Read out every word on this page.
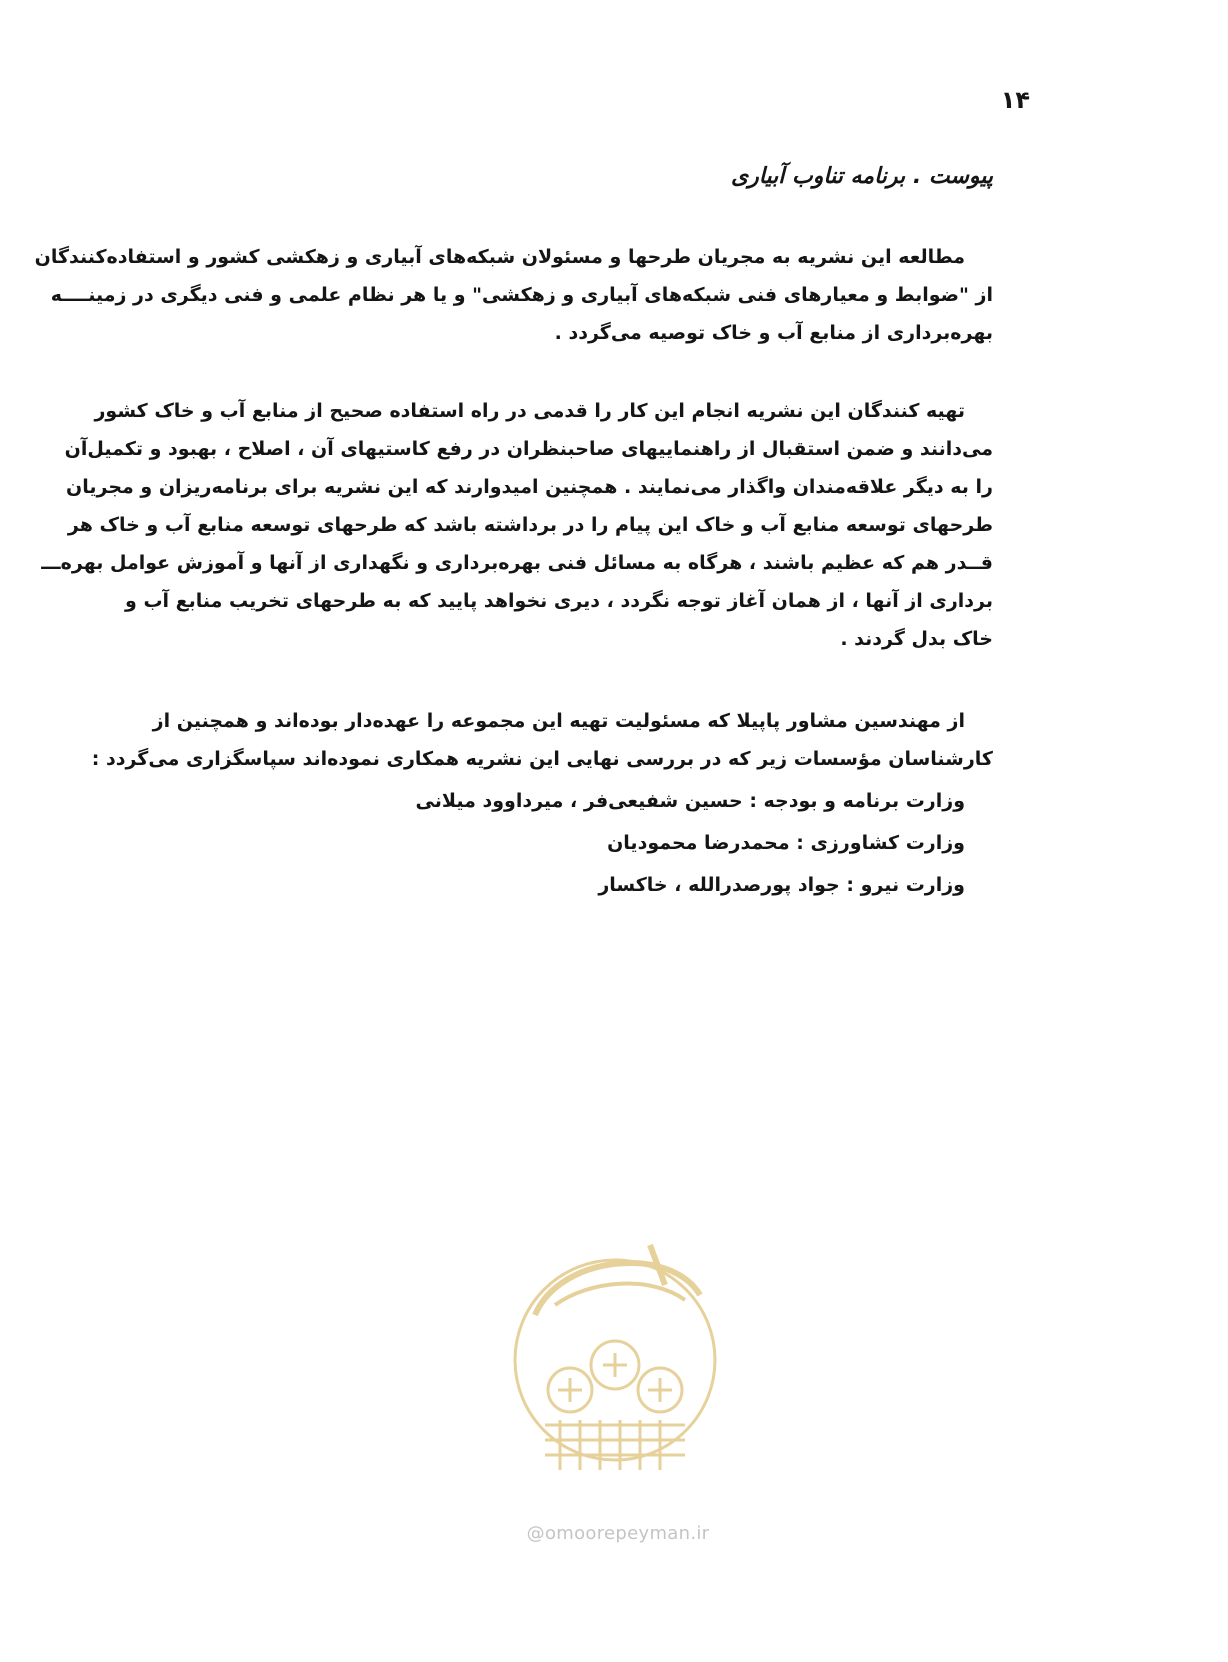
۱۴
پیوست . برنامه تناوب آبیاری
مطالعه این نشریه به مجریان طرحها و مسئولان شبکه‌های آبیاری و زهکشی کشور و استفاده‌کنندگان
از "ضوابط و معیارهای فنی شبکه‌های آبیاری و زهکشی" و یا هر نظام علمی و فنی دیگری در زمینــــه
بهره‌برداری از منابع آب و خاک توصیه می‌گردد .
تهیه کنندگان این نشریه انجام این کار را قدمی در راه استفاده صحیح از منابع آب و خاک کشور
می‌دانند و ضمن استقبال از راهنماییهای صاحبنظران در رفع کاستیهای آن ، اصلاح ، بهبود و تکمیل‌آن
را به دیگر علاقه‌مندان واگذار می‌نمایند . همچنین امیدوارند که این نشریه برای برنامه‌ریزان و مجریان
طرحهای توسعه منابع آب و خاک این پیام را در برداشته باشد که طرحهای توسعه منابع آب و خاک هر
قــدر هم که عظیم باشند ، هرگاه به مسائل فنی بهره‌برداری و نگهداری از آنها و آموزش عوامل بهره‌ـــ
برداری از آنها ، از همان آغاز توجه نگردد ، دیری نخواهد پایید که به طرحهای تخریب منابع آب و
خاک بدل گردند .
از مهندسین مشاور پاپیلا که مسئولیت تهیه این مجموعه را عهده‌دار بوده‌اند و همچنین از
کارشناسان مؤسسات زیر که در بررسی نهایی این نشریه همکاری نموده‌اند سپاسگزاری می‌گردد :
وزارت برنامه و بودجه : حسین شفیعی‌فر ، میرداوود میلانی
وزارت کشاورزی : محمدرضا محمودیان
وزارت نیرو : جواد پورصدرالله ، خاکسار
@omoorepeyman.ir
